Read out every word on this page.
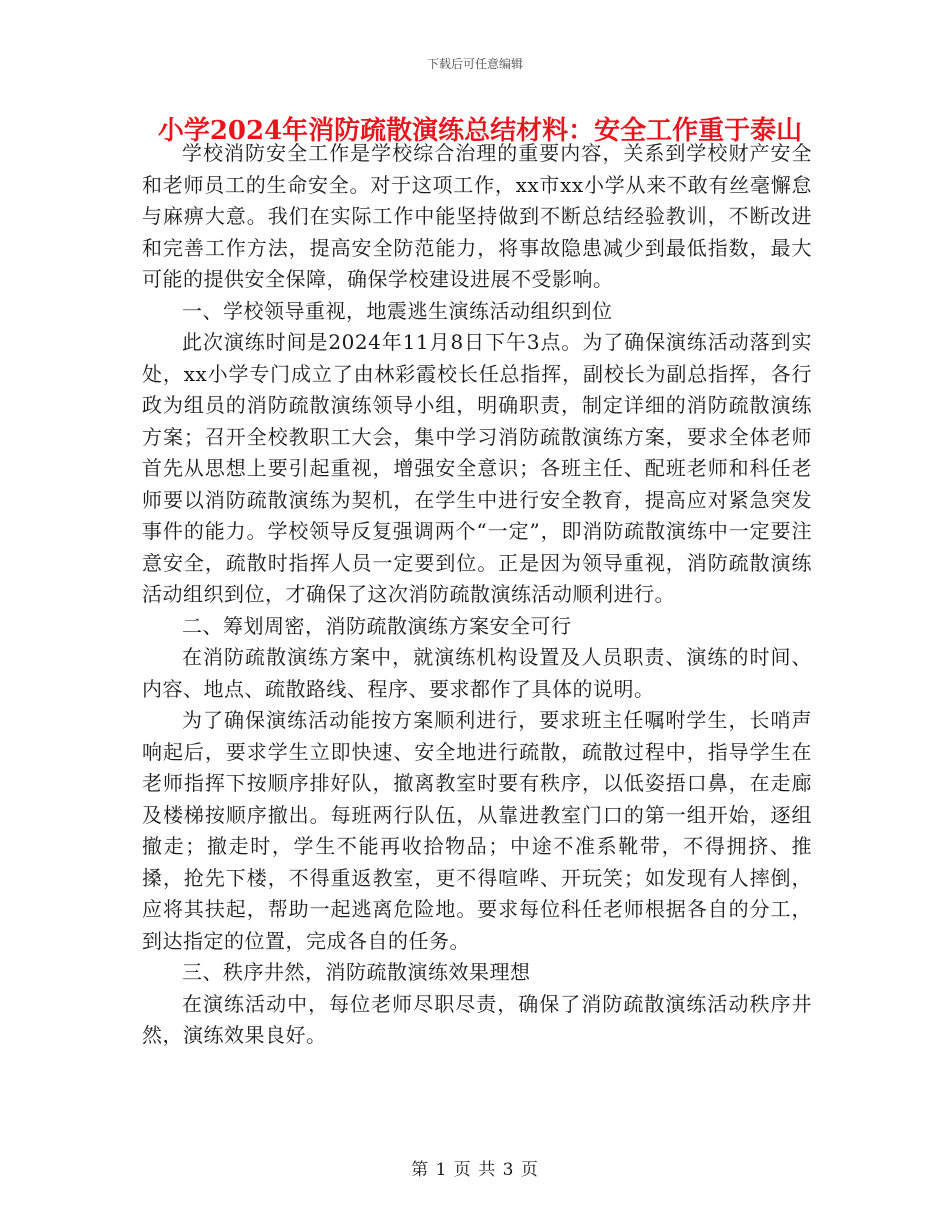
下载后可任意编辑
小学2024年消防疏散演练总结材料：安全工作重于泰山

学校消防安全工作是学校综合治理的重要内容，关系到学校财产安全和老师员工的生命安全。对于这项工作，xx市xx小学从来不敢有丝毫懈怠与麻痹大意。我们在实际工作中能坚持做到不断总结经验教训，不断改进和完善工作方法，提高安全防范能力，将事故隐患减少到最低指数，最大可能的提供安全保障，确保学校建设进展不受影响。

一、学校领导重视，地震逃生演练活动组织到位

此次演练时间是2024年11月8日下午3点。为了确保演练活动落到实处，xx小学专门成立了由林彩霞校长任总指挥，副校长为副总指挥，各行政为组员的消防疏散演练领导小组，明确职责，制定详细的消防疏散演练方案；召开全校教职工大会，集中学习消防疏散演练方案，要求全体老师首先从思想上要引起重视，增强安全意识；各班主任、配班老师和科任老师要以消防疏散演练为契机，在学生中进行安全教育，提高应对紧急突发事件的能力。学校领导反复强调两个“一定”，即消防疏散演练中一定要注意安全，疏散时指挥人员一定要到位。正是因为领导重视，消防疏散演练活动组织到位，才确保了这次消防疏散演练活动顺利进行。

二、筹划周密，消防疏散演练方案安全可行

在消防疏散演练方案中，就演练机构设置及人员职责、演练的时间、内容、地点、疏散路线、程序、要求都作了具体的说明。

为了确保演练活动能按方案顺利进行，要求班主任嘱咐学生，长哨声响起后，要求学生立即快速、安全地进行疏散，疏散过程中，指导学生在老师指挥下按顺序排好队，撤离教室时要有秩序，以低姿捂口鼻，在走廊及楼梯按顺序撤出。每班两行队伍，从靠进教室门口的第一组开始，逐组撤走；撤走时，学生不能再收拾物品；中途不准系靴带，不得拥挤、推搡，抢先下楼，不得重返教室，更不得喧哗、开玩笑；如发现有人摔倒，应将其扶起，帮助一起逃离危险地。要求每位科任老师根据各自的分工，到达指定的位置，完成各自的任务。

三、秩序井然，消防疏散演练效果理想

在演练活动中，每位老师尽职尽责，确保了消防疏散演练活动秩序井然，演练效果良好。

第 1 页 共 3 页
